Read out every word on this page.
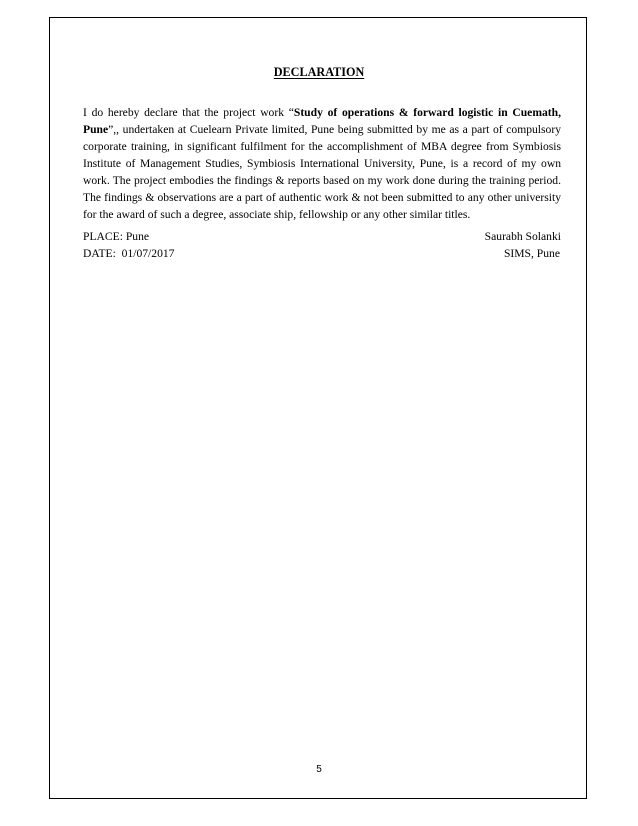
DECLARATION

I do hereby declare that the project work “Study of operations & forward logistic in Cuemath, Pune”,, undertaken at Cuelearn Private limited, Pune being submitted by me as a part of compulsory corporate training, in significant fulfilment for the accomplishment of MBA degree from Symbiosis Institute of Management Studies, Symbiosis International University, Pune, is a record of my own work. The project embodies the findings & reports based on my work done during the training period. The findings & observations are a part of authentic work & not been submitted to any other university for the award of such a degree, associate ship, fellowship or any other similar titles.

PLACE: Pune	Saurabh Solanki
DATE:  01/07/2017	SIMS, Pune
5
